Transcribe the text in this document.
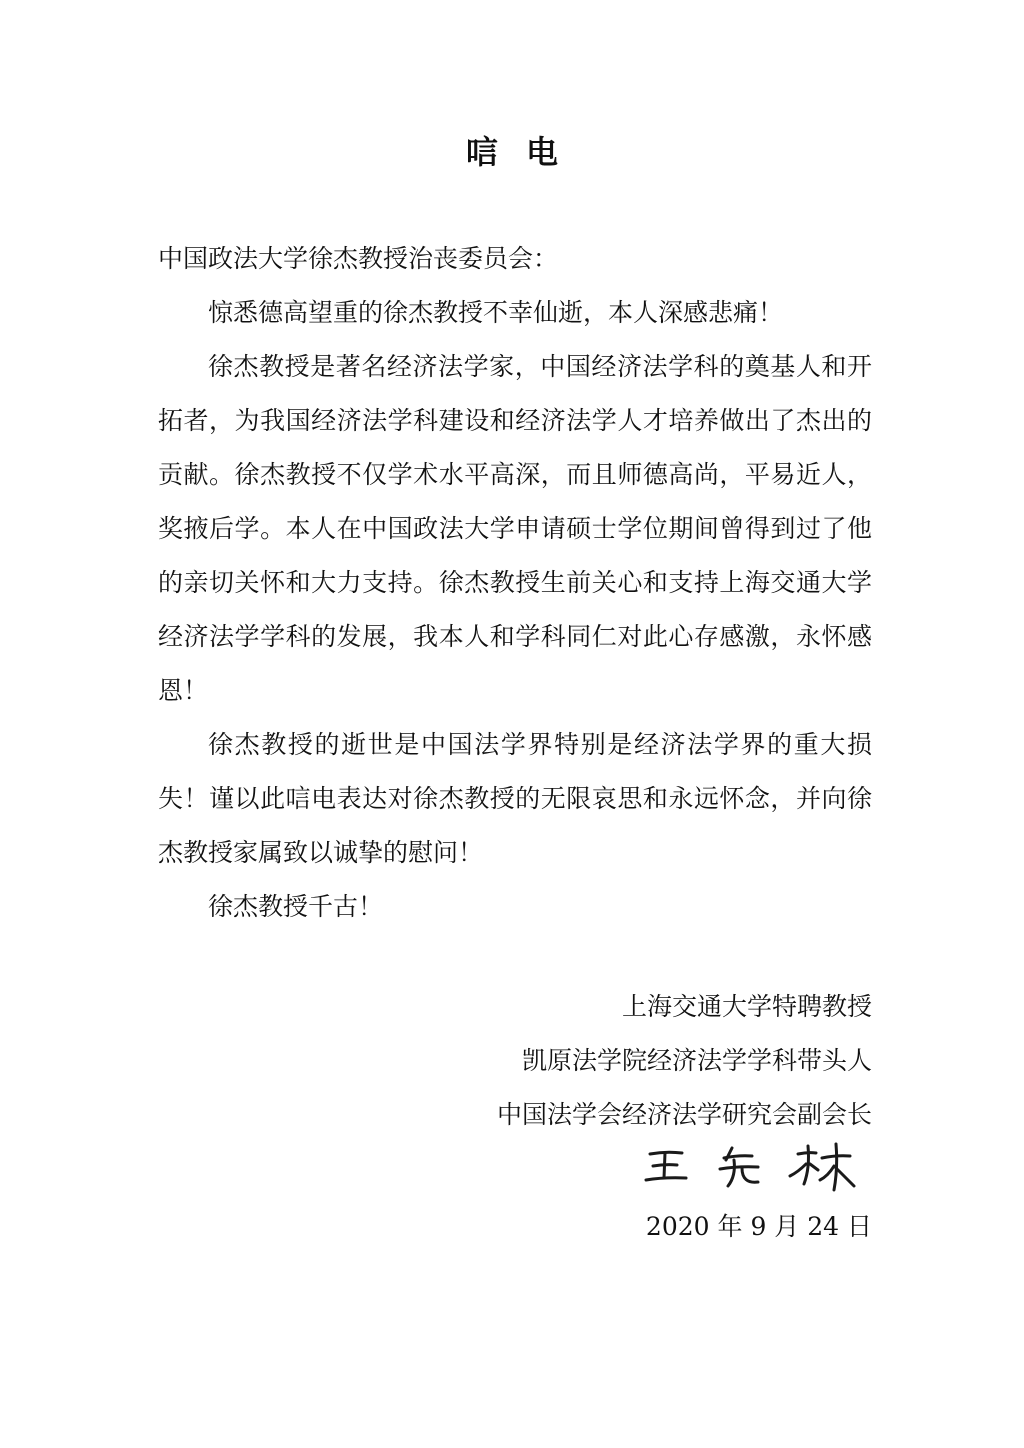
唁电

中国政法大学徐杰教授治丧委员会：

惊悉德高望重的徐杰教授不幸仙逝，本人深感悲痛！

徐杰教授是著名经济法学家，中国经济法学科的奠基人和开拓者，为我国经济法学科建设和经济法学人才培养做出了杰出的贡献。徐杰教授不仅学术水平高深，而且师德高尚，平易近人，奖掖后学。本人在中国政法大学申请硕士学位期间曾得到过了他的亲切关怀和大力支持。徐杰教授生前关心和支持上海交通大学经济法学学科的发展，我本人和学科同仁对此心存感激，永怀感恩！

徐杰教授的逝世是中国法学界特别是经济法学界的重大损失！谨以此唁电表达对徐杰教授的无限哀思和永远怀念，并向徐杰教授家属致以诚挚的慰问！

徐杰教授千古！

上海交通大学特聘教授

凯原法学院经济法学学科带头人

中国法学会经济法学研究会副会长

2020 年 9 月 24 日
